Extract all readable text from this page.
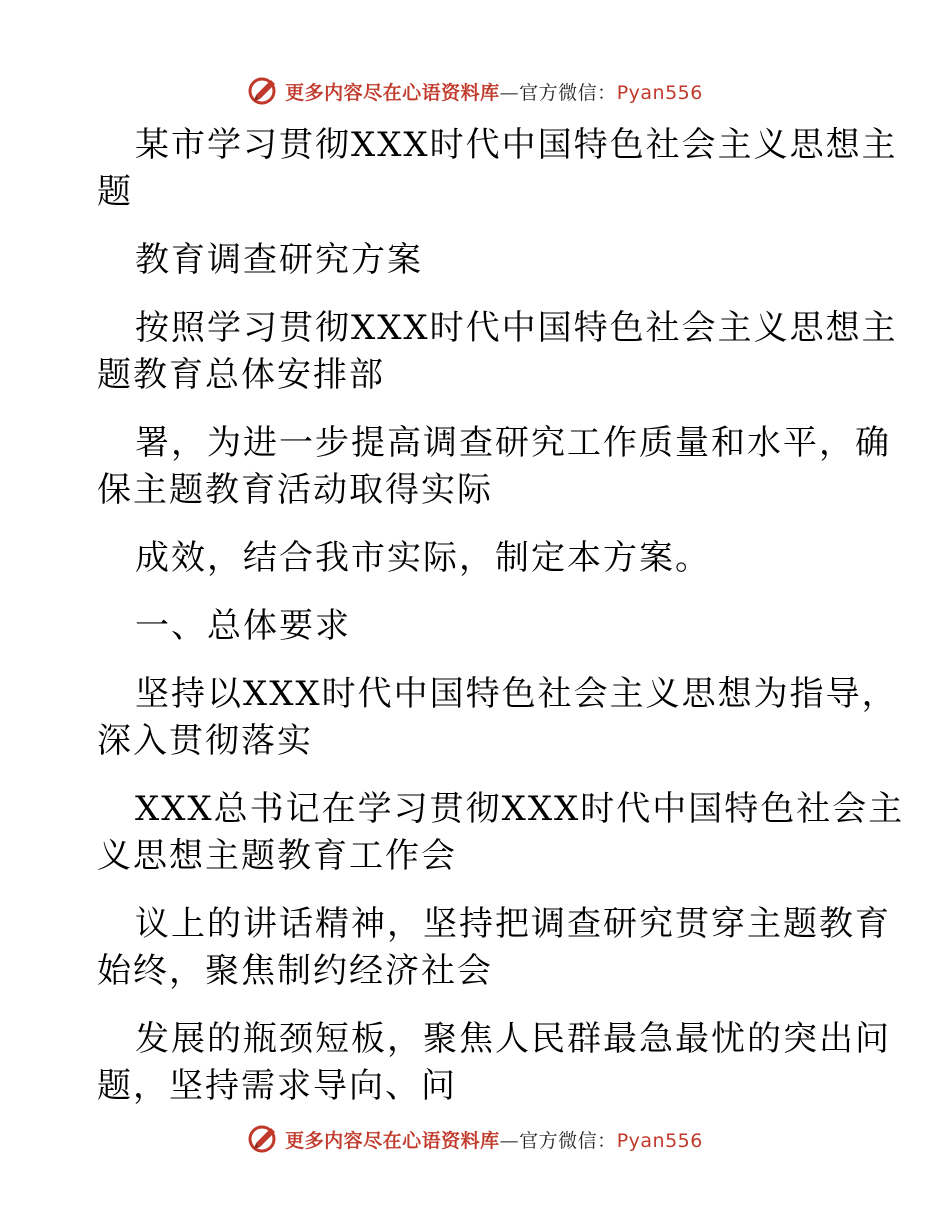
更多内容尽在心语资料库—官方微信：Pyan556
某市学习贯彻XXX时代中国特色社会主义思想主
题
教育调查研究方案
按照学习贯彻XXX时代中国特色社会主义思想主
题教育总体安排部
署，为进一步提高调查研究工作质量和水平，确
保主题教育活动取得实际
成效，结合我市实际，制定本方案。
一、总体要求
坚持以XXX时代中国特色社会主义思想为指导，
深入贯彻落实
XXX总书记在学习贯彻XXX时代中国特色社会主
义思想主题教育工作会
议上的讲话精神，坚持把调查研究贯穿主题教育
始终，聚焦制约经济社会
发展的瓶颈短板，聚焦人民群最急最忧的突出问
题，坚持需求导向、问
更多内容尽在心语资料库—官方微信：Pyan556
